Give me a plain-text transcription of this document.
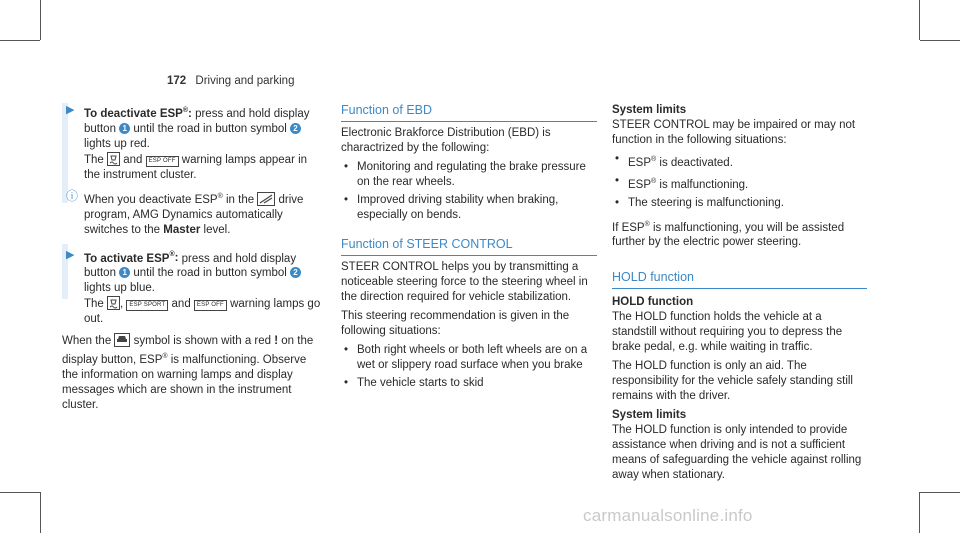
172 Driving and parking
▶ To deactivate ESP®: press and hold display button 1 until the road in button symbol 2 lights up red.
The  and ESP OFF warning lamps appear in the instrument cluster.
ⓘ When you deactivate ESP® in the  drive program, AMG Dynamics automatically switches to the Master level.
▶ To activate ESP®: press and hold display button 1 until the road in button symbol 2 lights up blue.
The , ESP SPORT and ESP OFF warning lamps go out.

When the  symbol is shown with a red ! on the display button, ESP® is malfunctioning. Observe the information on warning lamps and display messages which are shown in the instrument cluster.

Function of EBD

Electronic Brakforce Distribution (EBD) is charactrized by the following:

• Monitoring and regulating the brake pressure on the rear wheels.
• Improved driving stability when braking, especially on bends.
Function of STEER CONTROL

STEER CONTROL helps you by transmitting a noticeable steering force to the steering wheel in the direction required for vehicle stabilization.

This steering recommendation is given in the following situations:

• Both right wheels or both left wheels are on a wet or slippery road surface when you brake
• The vehicle starts to skid

System limits

STEER CONTROL may be impaired or may not function in the following situations:

• ESP® is deactivated.
• ESP® is malfunctioning.
• The steering is malfunctioning.

If ESP® is malfunctioning, you will be assisted further by the electric power steering.

HOLD function

HOLD function

The HOLD function holds the vehicle at a standstill without requiring you to depress the brake pedal, e.g. while waiting in traffic.

The HOLD function is only an aid. The responsibility for the vehicle safely standing still remains with the driver.

System limits

The HOLD function is only intended to provide assistance when driving and is not a sufficient means of safeguarding the vehicle against rolling away when stationary.

carmanualsonline.info
